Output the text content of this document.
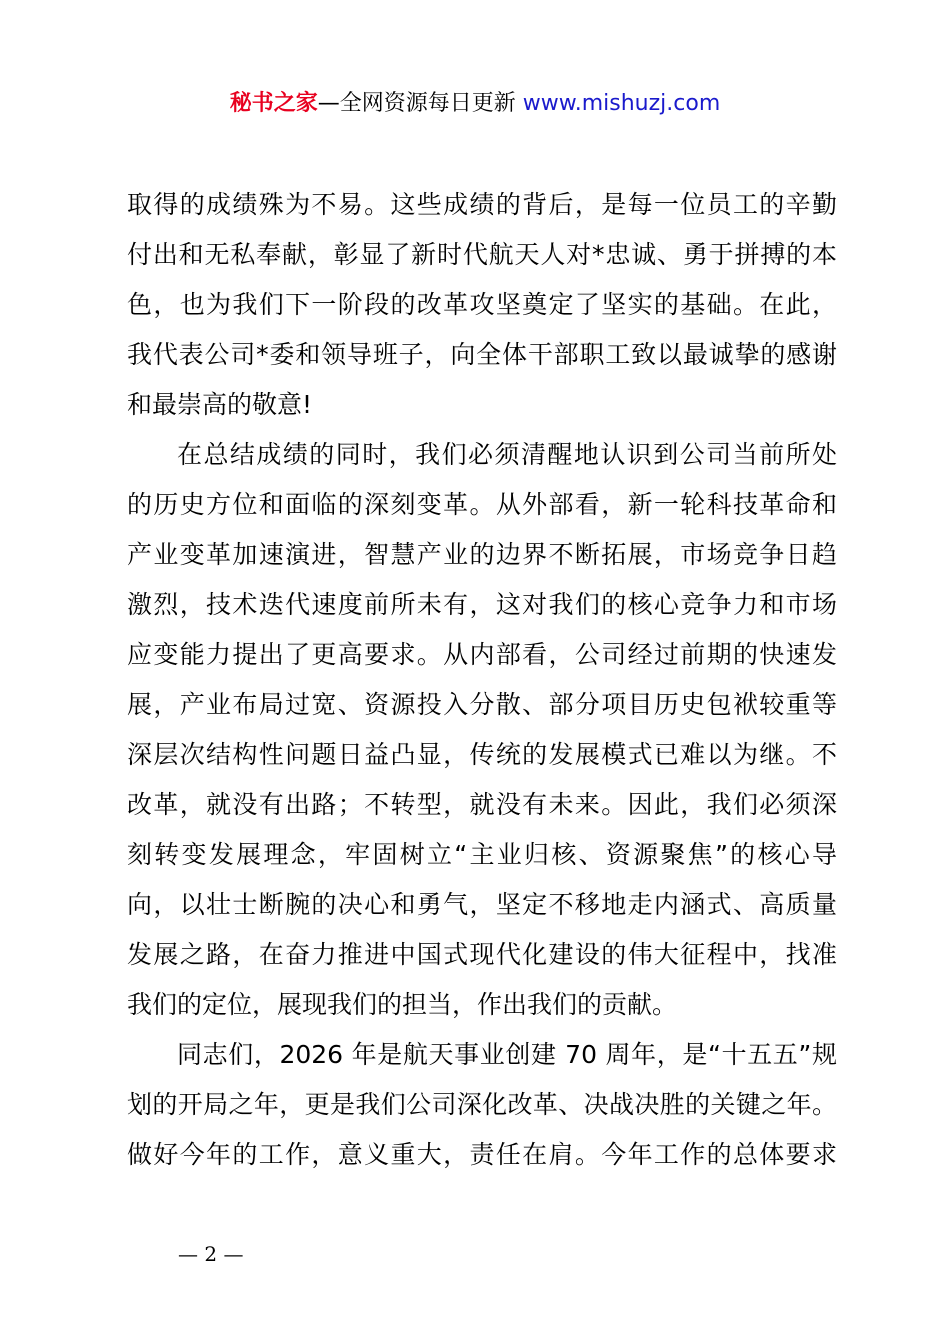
秘书之家—全网资源每日更新 www.mishuzj.com
取得的成绩殊为不易。这些成绩的背后，是每一位员工的辛勤
付出和无私奉献，彰显了新时代航天人对*忠诚、勇于拼搏的本
色，也为我们下一阶段的改革攻坚奠定了坚实的基础。在此，
我代表公司*委和领导班子，向全体干部职工致以最诚挚的感谢
和最崇高的敬意!
在总结成绩的同时，我们必须清醒地认识到公司当前所处
的历史方位和面临的深刻变革。从外部看，新一轮科技革命和
产业变革加速演进，智慧产业的边界不断拓展，市场竞争日趋
激烈，技术迭代速度前所未有，这对我们的核心竞争力和市场
应变能力提出了更高要求。从内部看，公司经过前期的快速发
展，产业布局过宽、资源投入分散、部分项目历史包袱较重等
深层次结构性问题日益凸显，传统的发展模式已难以为继。不
改革，就没有出路；不转型，就没有未来。因此，我们必须深
刻转变发展理念，牢固树立“主业归核、资源聚焦”的核心导
向，以壮士断腕的决心和勇气，坚定不移地走内涵式、高质量
发展之路，在奋力推进中国式现代化建设的伟大征程中，找准
我们的定位，展现我们的担当，作出我们的贡献。
同志们，2026 年是航天事业创建 70 周年，是“十五五”规
划的开局之年，更是我们公司深化改革、决战决胜的关键之年。
做好今年的工作，意义重大，责任在肩。今年工作的总体要求
— 2 —
